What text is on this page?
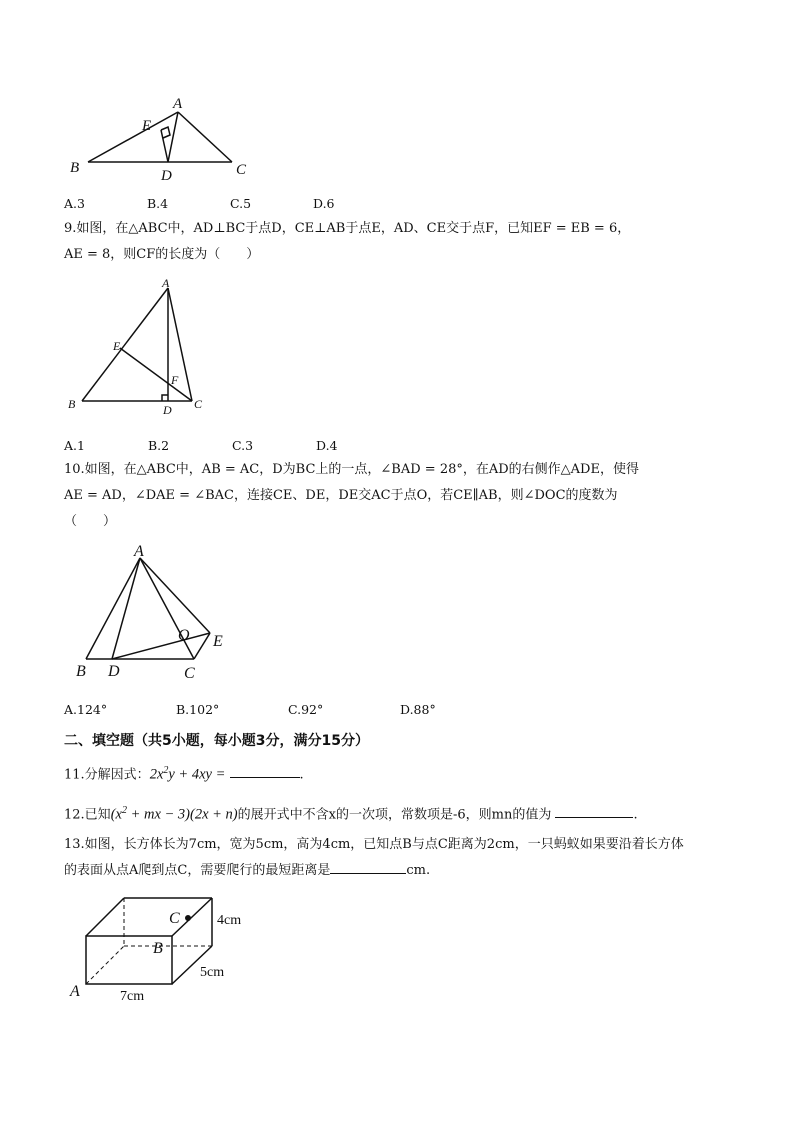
A
E
B	D	C
A.3	B.4	C.5	D.6
9.如图，在△ABC中，AD⊥BC于点D，CE⊥AB于点E，AD、CE交于点F，已知EF = EB = 6，
AE = 8，则CF的长度为（　　）
A
E
F
B	D C
A.1	B.2	C.3	D.4
10.如图，在△ABC中，AB = AC，D为BC上的一点，∠BAD = 28°，在AD的右侧作△ADE，使得
AE = AD，∠DAE = ∠BAC，连接CE、DE，DE交AC于点O，若CE∥AB，则∠DOC的度数为
（　　）
A
O E
B D	C
A.124°	B.102°	C.92°	D.88°
二、填空题（共5小题，每小题3分，满分15分）
11.分解因式：$2x^2y + 4xy$ =	.
12.已知($x^2$ + mx − 3)(2x + n)的展开式中不含x的一次项，常数项是-6，则mn的值为	.
13.如图，长方体长为7cm，宽为5cm，高为4cm，已知点B与点C距离为2cm，一只蚂蚁如果要沿着长方体
的表面从点A爬到点C，需要爬行的最短距离是	cm.
C
B
A
4cm
5cm
7cm
